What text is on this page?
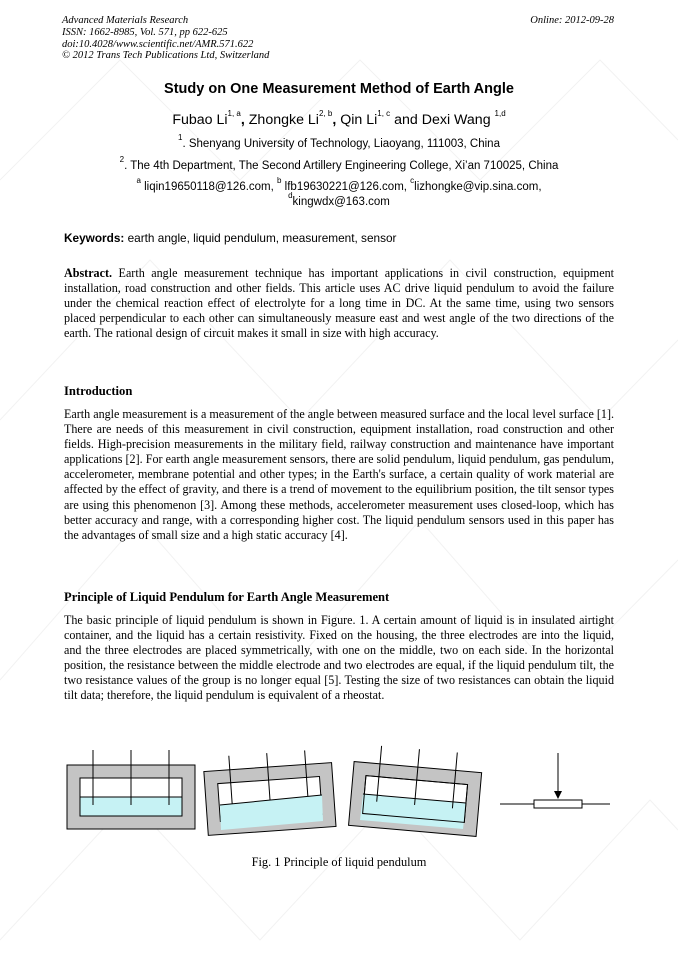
Advanced Materials Research
ISSN: 1662-8985, Vol. 571, pp 622-625
doi:10.4028/www.scientific.net/AMR.571.622
© 2012 Trans Tech Publications Ltd, Switzerland
Online: 2012-09-28
Study on One Measurement Method of Earth Angle
Fubao Li$^{1, a}$, Zhongke Li$^{2, b}$, Qin Li$^{1, c}$ and Dexi Wang $^{1,d}$
$^1$. Shenyang University of Technology, Liaoyang, 111003, China
$^2$. The 4th Department, The Second Artillery Engineering College, Xi’an 710025, China
$^a$ liqin19650118@126.com, $^b$ lfb19630221@126.com, $^c$lizhongke@vip.sina.com,
$^d$kingwdx@163.com
Keywords: earth angle, liquid pendulum, measurement, sensor

Abstract. Earth angle measurement technique has important applications in civil construction, equipment installation, road construction and other fields. This article uses AC drive liquid pendulum to avoid the failure under the chemical reaction effect of electrolyte for a long time in DC. At the same time, using two sensors placed perpendicular to each other can simultaneously measure east and west angle of the two directions of the earth. The rational design of circuit makes it small in size with high accuracy.

Introduction

Earth angle measurement is a measurement of the angle between measured surface and the local level surface [1]. There are needs of this measurement in civil construction, equipment installation, road construction and other fields. High-precision measurements in the military field, railway construction and maintenance have important applications [2]. For earth angle measurement sensors, there are solid pendulum, liquid pendulum, gas pendulum, accelerometer, membrane potential and other types; in the Earth's surface, a certain quality of work material are affected by the effect of gravity, and there is a trend of movement to the equilibrium position, the tilt sensor types are using this phenomenon [3]. Among these methods, accelerometer measurement uses closed-loop, which has better accuracy and range, with a corresponding higher cost. The liquid pendulum sensors used in this paper has the advantages of small size and a high static accuracy [4].

Principle of Liquid Pendulum for Earth Angle Measurement

The basic principle of liquid pendulum is shown in Figure. 1. A certain amount of liquid is in insulated airtight container, and the liquid has a certain resistivity. Fixed on the housing, the three electrodes are into the liquid, and the three electrodes are placed symmetrically, with one on the middle, two on each side. In the horizontal position, the resistance between the middle electrode and two electrodes are equal, if the liquid pendulum tilt, the two resistance values of the group is no longer equal [5]. Testing the size of two resistances can obtain the liquid tilt data; therefore, the liquid pendulum is equivalent of a rheostat.

Fig. 1 Principle of liquid pendulum
